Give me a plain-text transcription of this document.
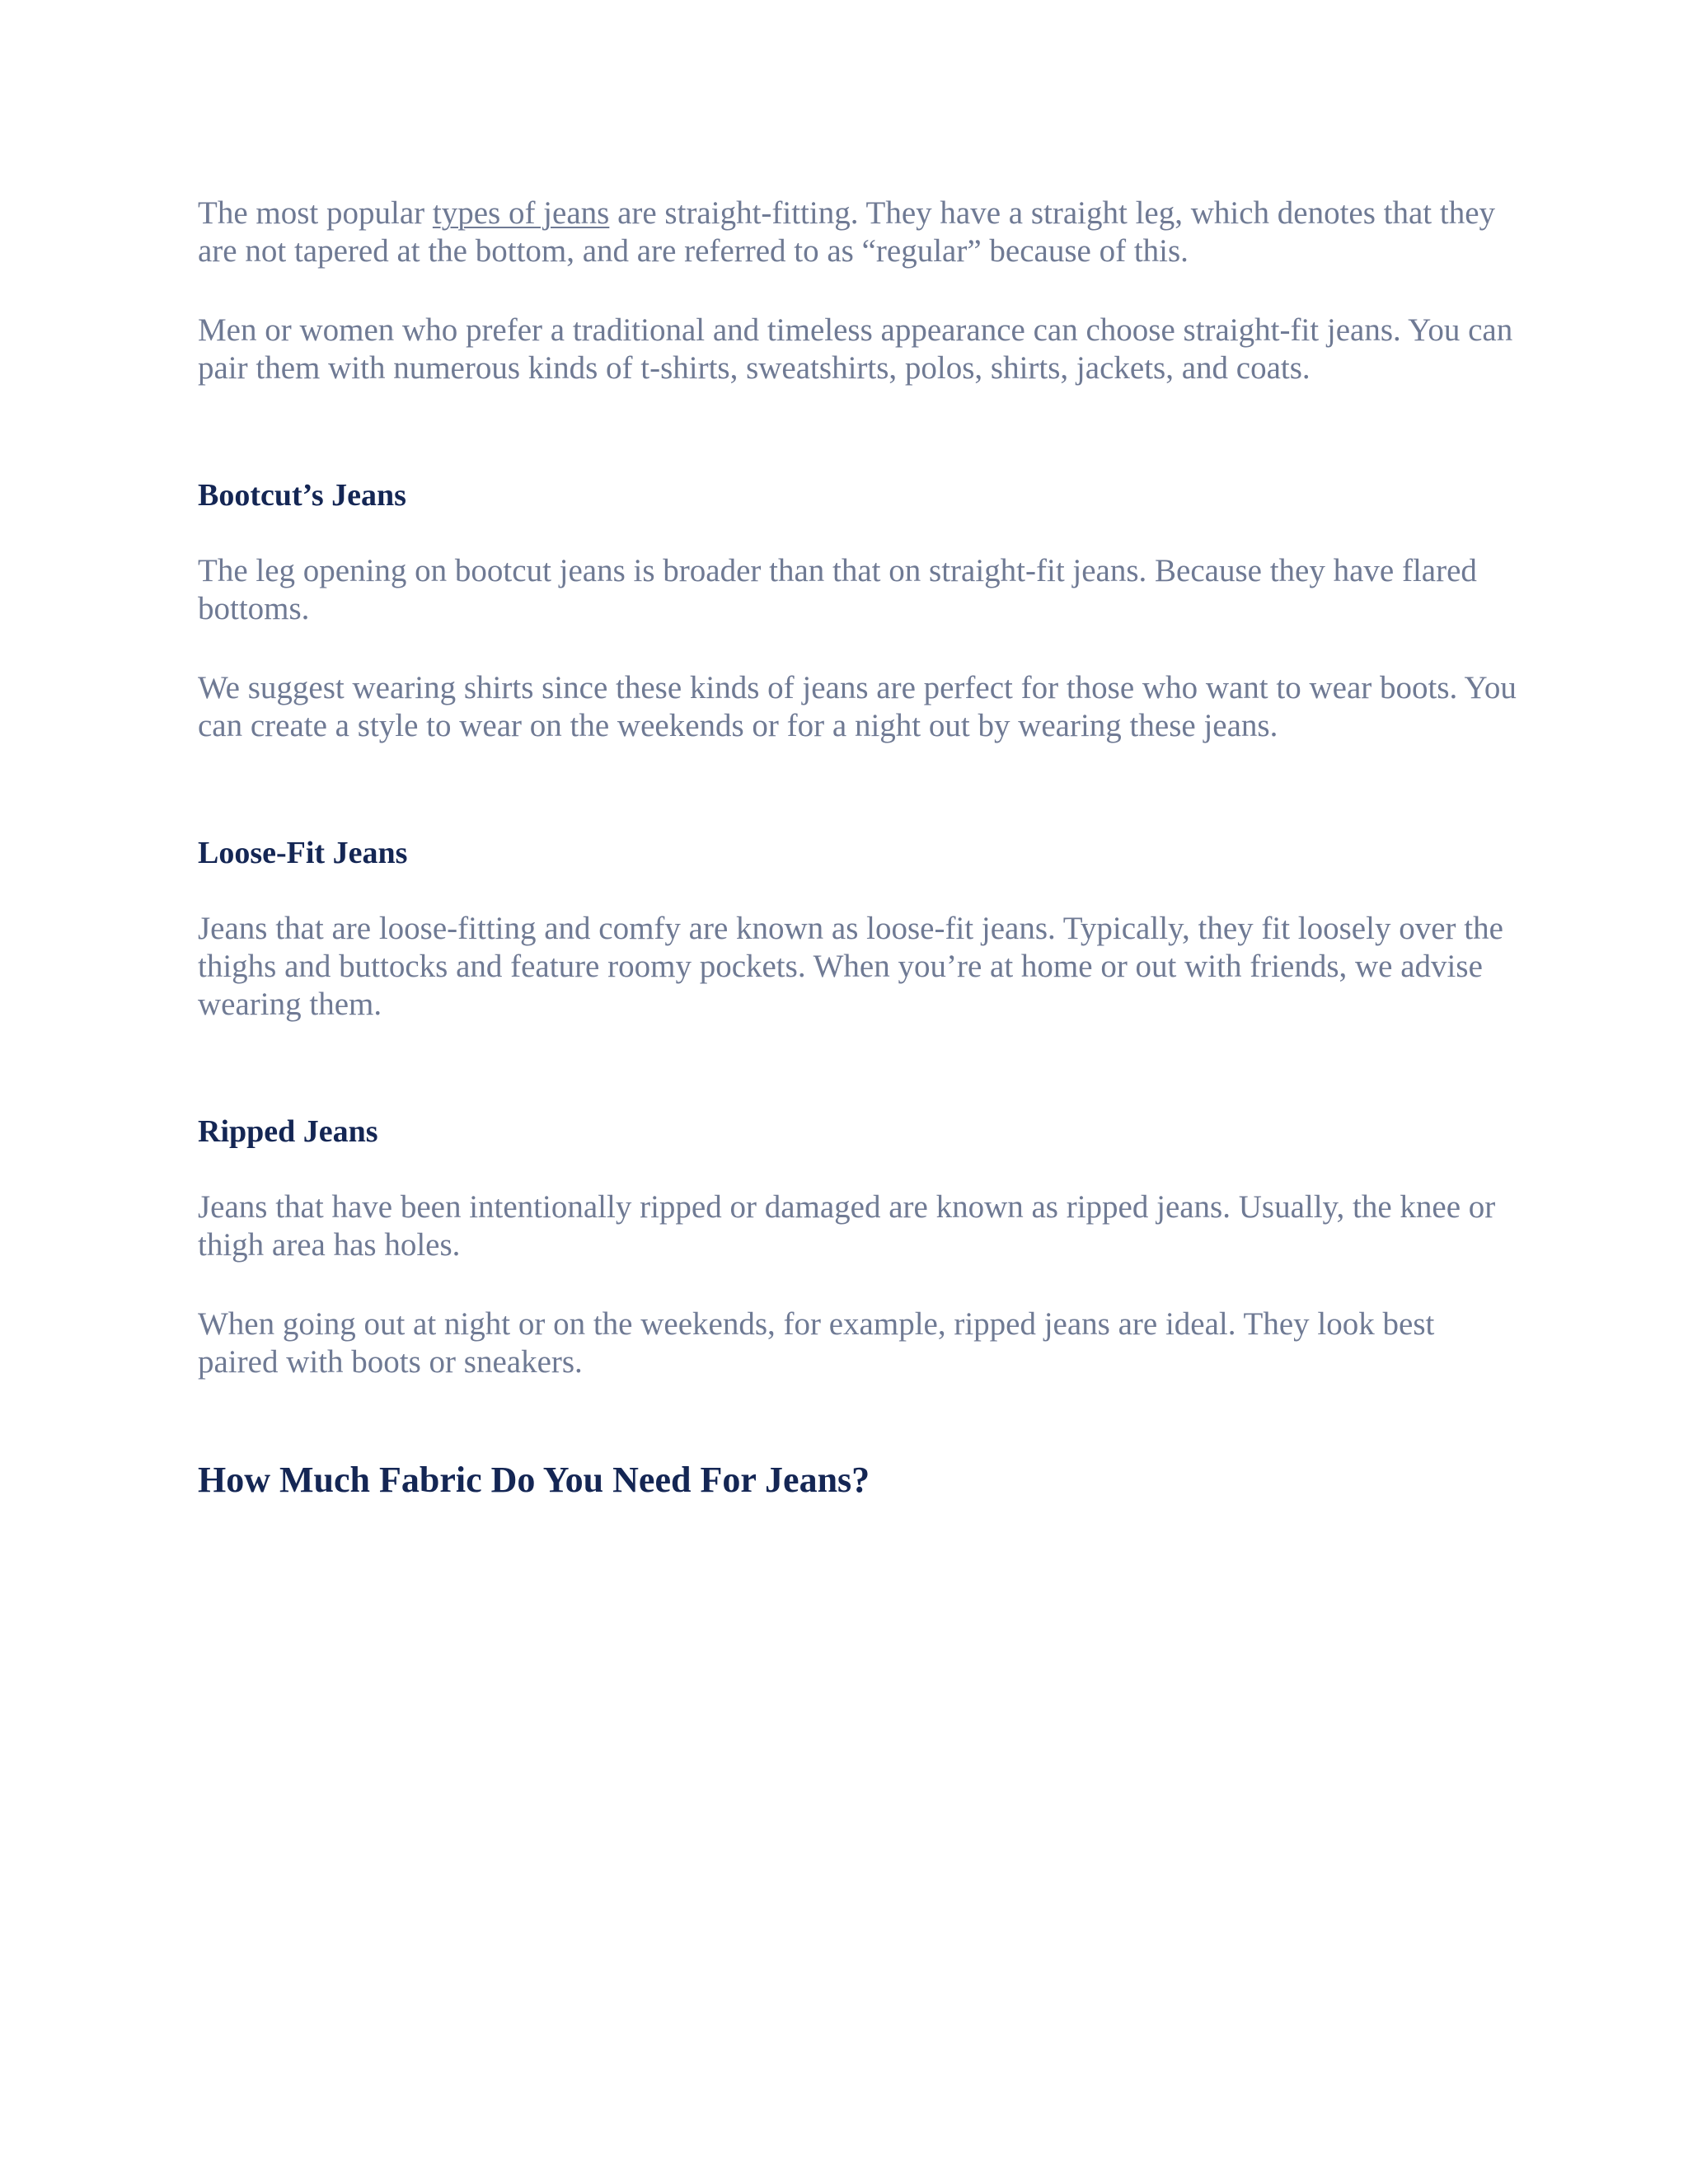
The most popular types of jeans are straight-fitting. They have a straight leg, which denotes that they are not tapered at the bottom, and are referred to as “regular” because of this.

Men or women who prefer a traditional and timeless appearance can choose straight-fit jeans. You can pair them with numerous kinds of t-shirts, sweatshirts, polos, shirts, jackets, and coats.

Bootcut’s Jeans

The leg opening on bootcut jeans is broader than that on straight-fit jeans. Because they have flared bottoms.

We suggest wearing shirts since these kinds of jeans are perfect for those who want to wear boots. You can create a style to wear on the weekends or for a night out by wearing these jeans.

Loose-Fit Jeans

Jeans that are loose-fitting and comfy are known as loose-fit jeans. Typically, they fit loosely over the thighs and buttocks and feature roomy pockets. When you’re at home or out with friends, we advise wearing them.

Ripped Jeans

Jeans that have been intentionally ripped or damaged are known as ripped jeans. Usually, the knee or thigh area has holes.

When going out at night or on the weekends, for example, ripped jeans are ideal. They look best paired with boots or sneakers.

How Much Fabric Do You Need For Jeans?
